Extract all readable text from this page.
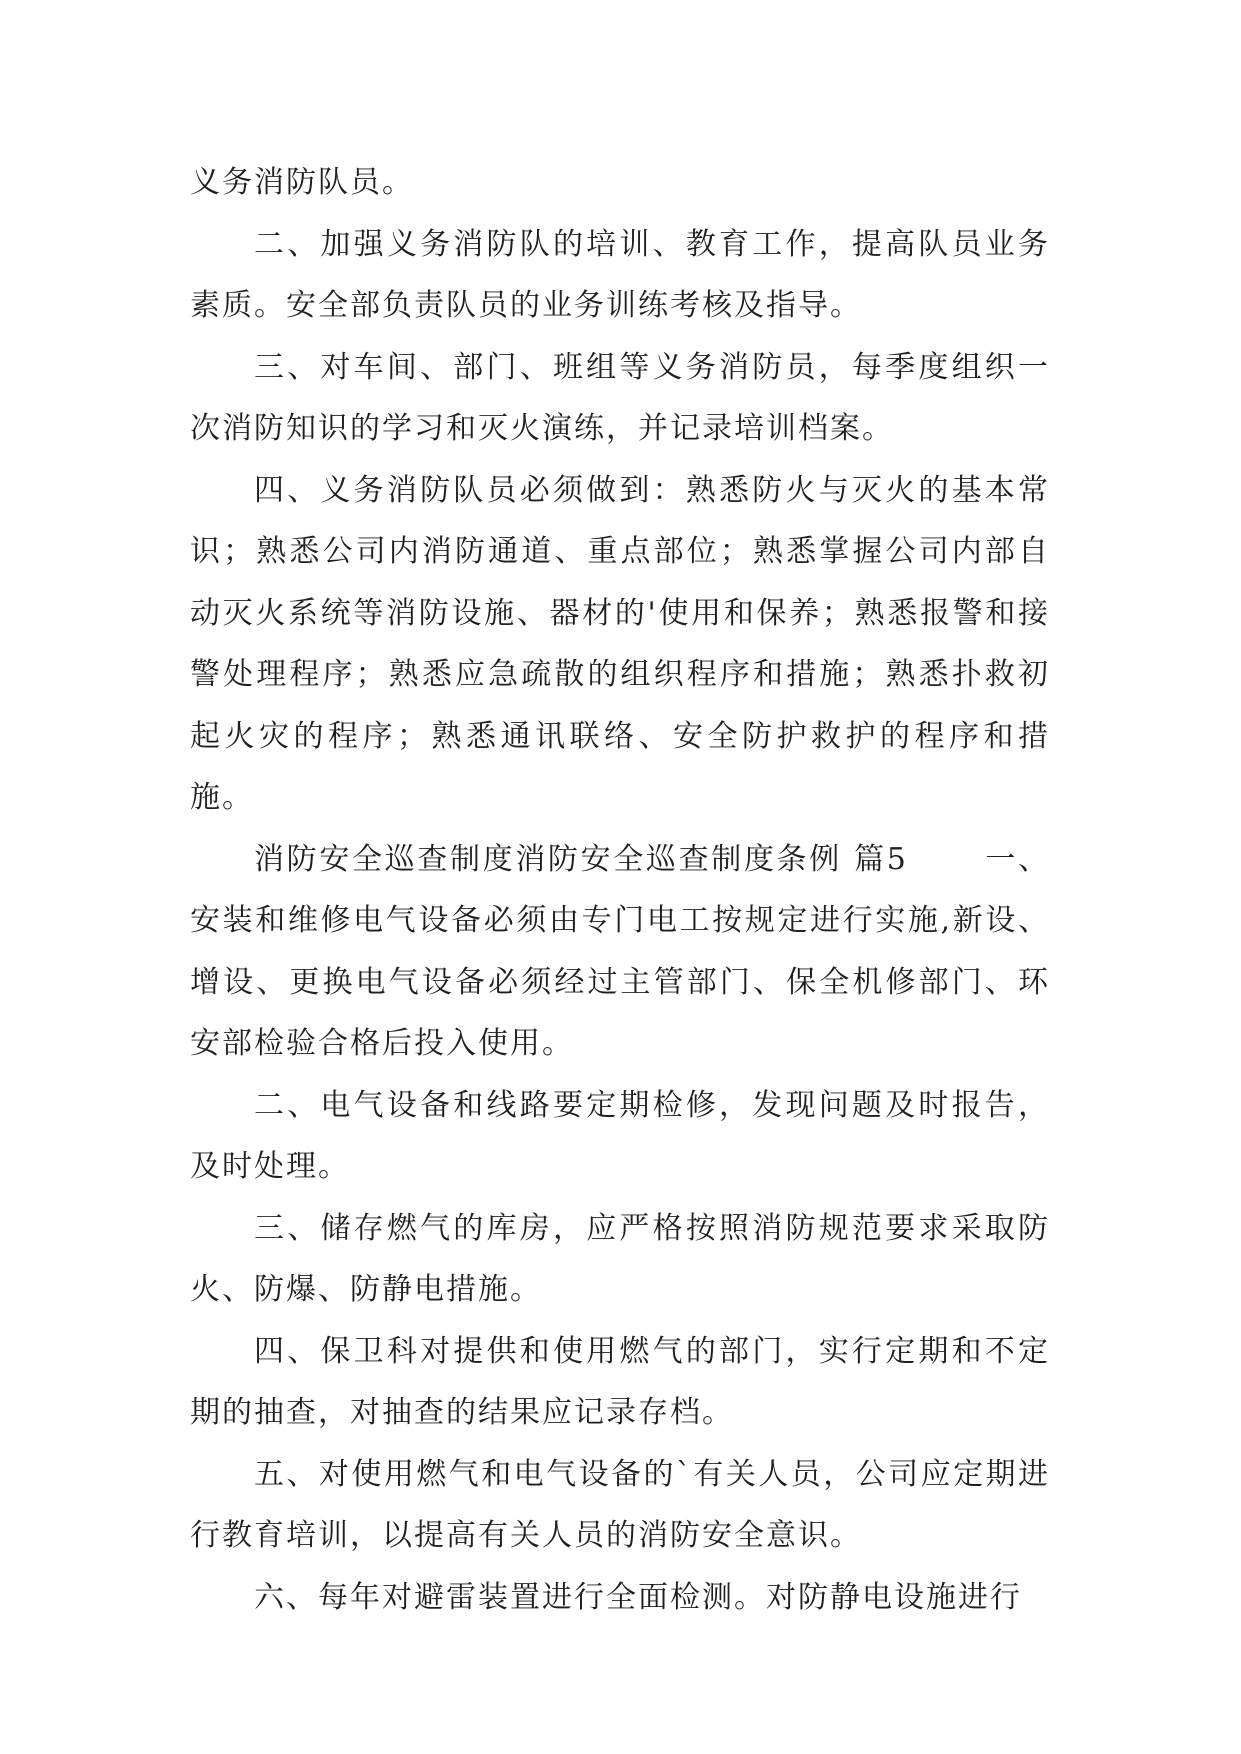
义务消防队员。

二、加强义务消防队的培训、教育工作，提高队员业务素质。安全部负责队员的业务训练考核及指导。

三、对车间、部门、班组等义务消防员，每季度组织一次消防知识的学习和灭火演练，并记录培训档案。

四、义务消防队员必须做到：熟悉防火与灭火的基本常识；熟悉公司内消防通道、重点部位；熟悉掌握公司内部自动灭火系统等消防设施、器材的'使用和保养；熟悉报警和接警处理程序；熟悉应急疏散的组织程序和措施；熟悉扑救初起火灾的程序；熟悉通讯联络、安全防护救护的程序和措施。

消防安全巡查制度消防安全巡查制度条例 篇5 　　一、安装和维修电气设备必须由专门电工按规定进行实施,新设、增设、更换电气设备必须经过主管部门、保全机修部门、环安部检验合格后投入使用。

二、电气设备和线路要定期检修，发现问题及时报告，及时处理。

三、储存燃气的库房，应严格按照消防规范要求采取防火、防爆、防静电措施。

四、保卫科对提供和使用燃气的部门，实行定期和不定期的抽查，对抽查的结果应记录存档。

五、对使用燃气和电气设备的`有关人员，公司应定期进行教育培训，以提高有关人员的消防安全意识。

六、每年对避雷装置进行全面检测。对防静电设施进行
